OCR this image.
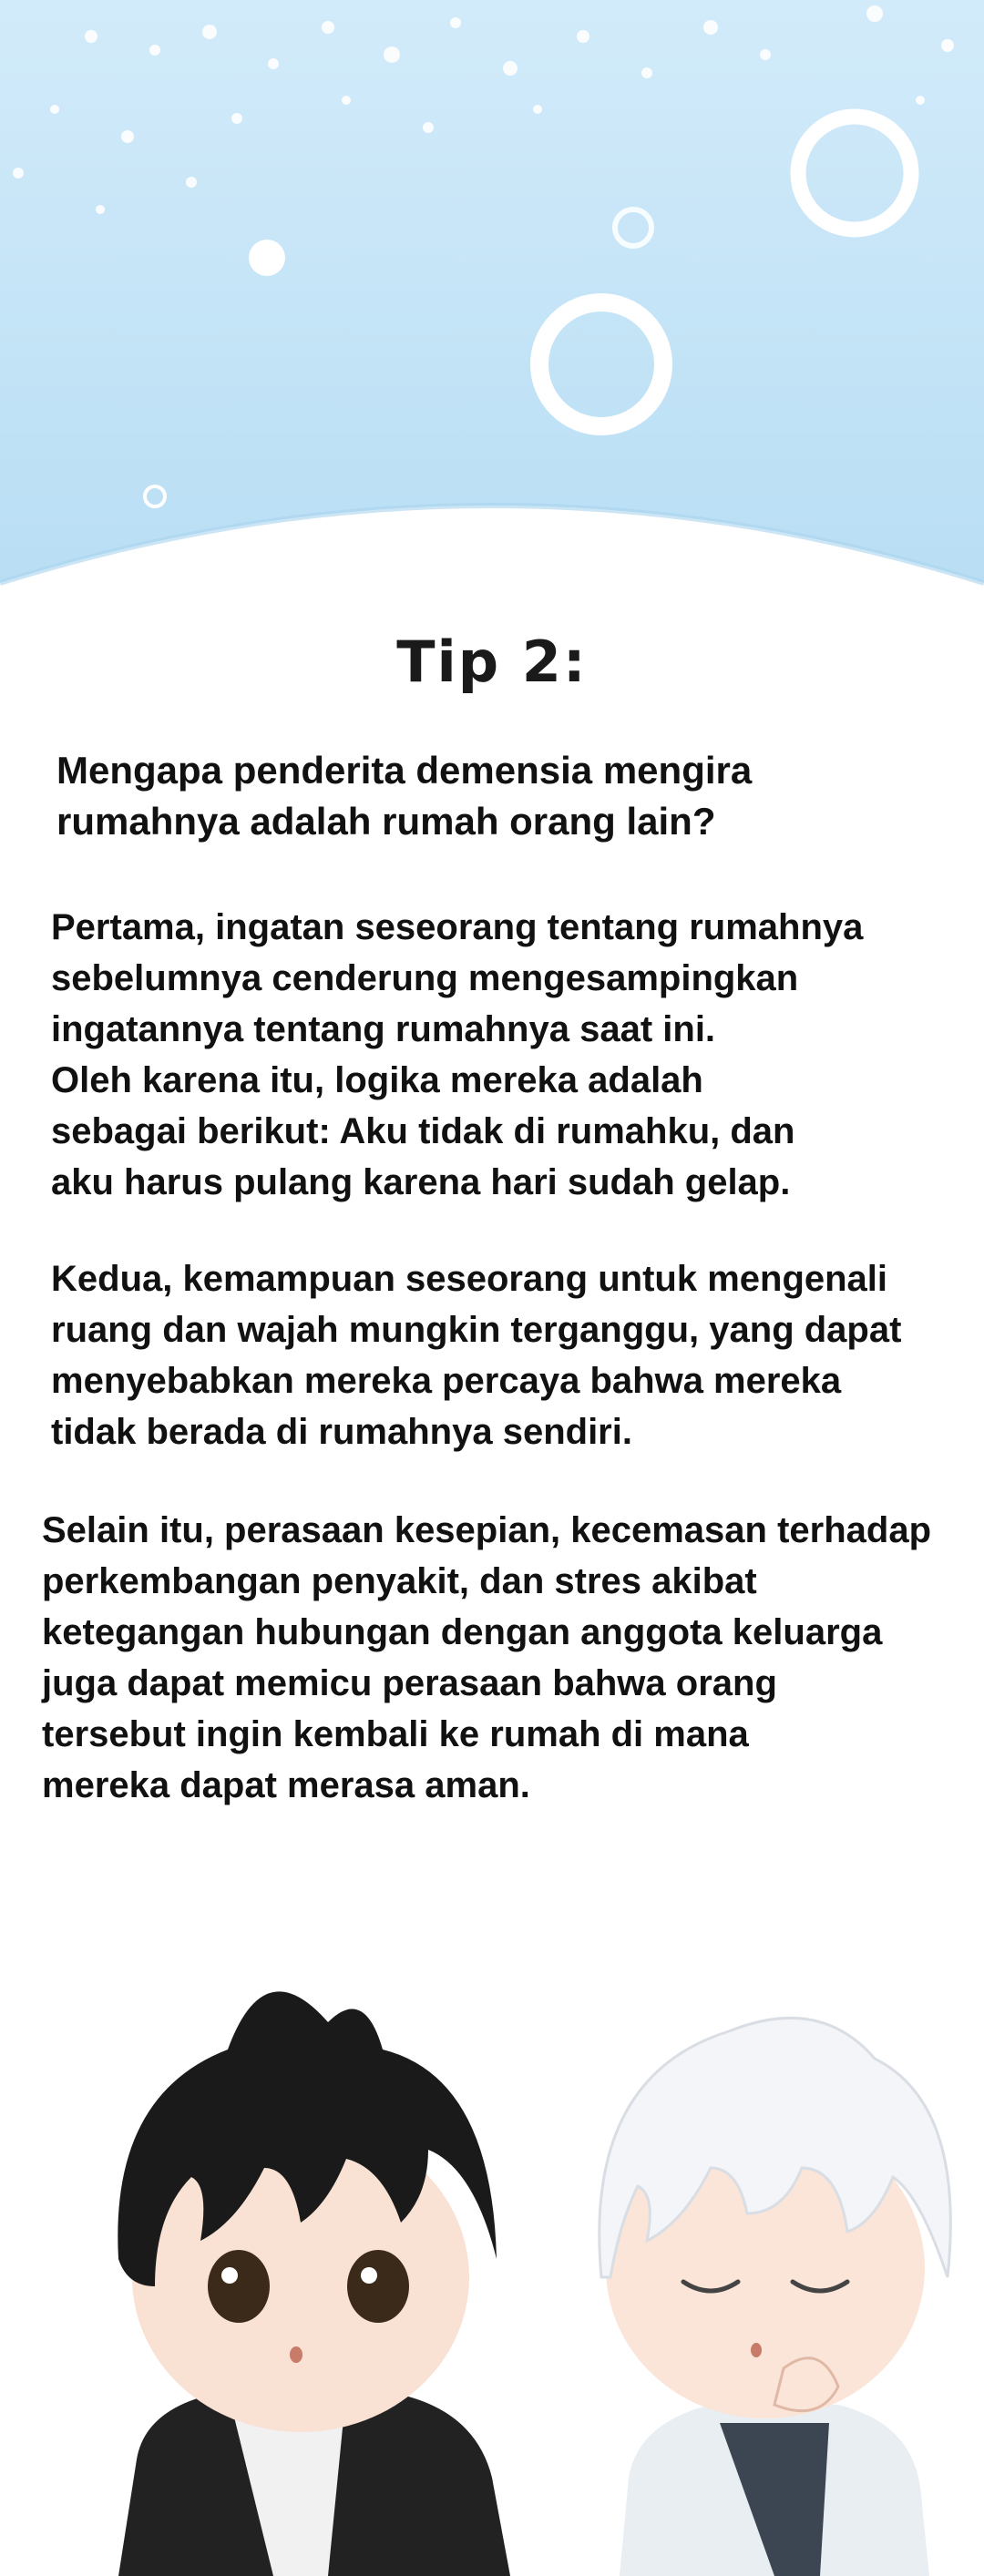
Tip 2:
Mengapa penderita demensia mengira
rumahnya adalah rumah orang lain?
Pertama, ingatan seseorang tentang rumahnya
sebelumnya cenderung mengesampingkan
ingatannya tentang rumahnya saat ini.
Oleh karena itu, logika mereka adalah
sebagai berikut: Aku tidak di rumahku, dan
aku harus pulang karena hari sudah gelap.
Kedua, kemampuan seseorang untuk mengenali
ruang dan wajah mungkin terganggu, yang dapat
menyebabkan mereka percaya bahwa mereka
tidak berada di rumahnya sendiri.
Selain itu, perasaan kesepian, kecemasan terhadap
perkembangan penyakit, dan stres akibat
ketegangan hubungan dengan anggota keluarga
juga dapat memicu perasaan bahwa orang
tersebut ingin kembali ke rumah di mana
mereka dapat merasa aman.
